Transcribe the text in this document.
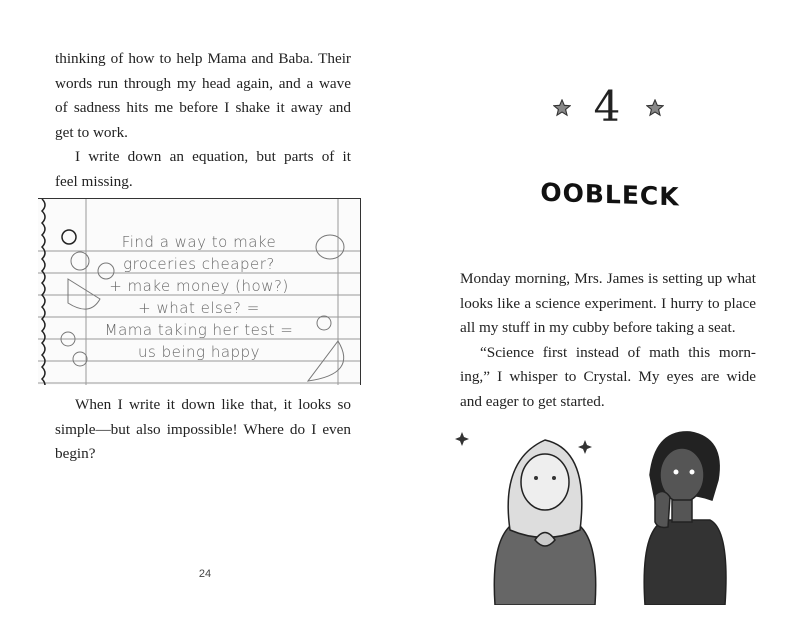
thinking of how to help Mama and Baba. Their
words run through my head again, and a wave
of sadness hits me before I shake it away and
get to work.
I write down an equation, but parts of it
feel missing.
Find a way to make
groceries cheaper?
+ make money (how?)
+ what else? =
Mama taking her test =
us being happy
When I write it down like that, it looks so
simple—but also impossible! Where do I even
begin?
24
4
OOBLECK
Monday morning, Mrs. James is setting up what
looks like a science experiment. I hurry to place
all my stuff in my cubby before taking a seat.
“Science first instead of math this morn-
ing,” I whisper to Crystal. My eyes are wide
and eager to get started.
